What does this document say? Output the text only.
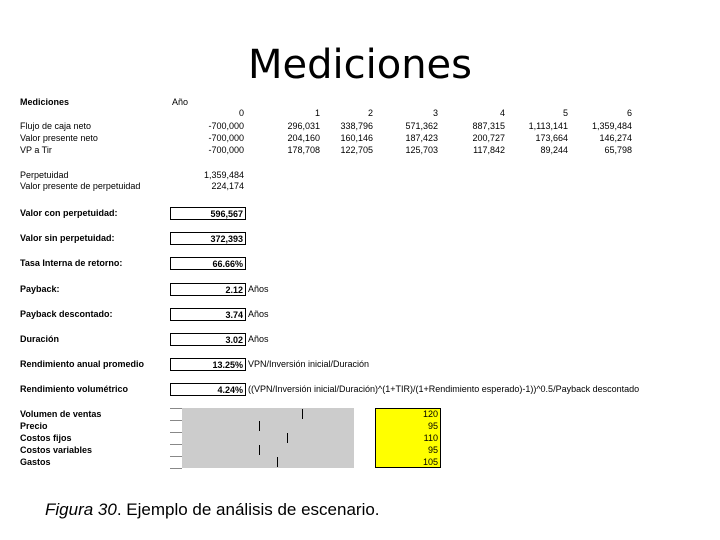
Mediciones
Mediciones	Año
0	1	2	3	4	5	6
Flujo de caja neto	-700,000	296,031	338,796	571,362	887,315	1,113,141	1,359,484
Valor presente neto	-700,000	204,160	160,146	187,423	200,727	173,664	146,274
VP a Tir	-700,000	178,708	122,705	125,703	117,842	89,244	65,798
Perpetuidad	1,359,484
Valor presente de perpetuidad	224,174
Valor con perpetuidad:	596,567
Valor sin perpetuidad:	372,393
Tasa Interna de retorno:	66.66%
Payback:	2.12 Años
Payback descontado:	3.74 Años
Duración	3.02 Años
Rendimiento anual promedio	13.25% VPN/Inversión inicial/Duración
Rendimiento volumétrico	4.24% ((VPN/Inversión inicial/Duración)^(1+TIR)/(1+Rendimiento esperado)-1))^0.5/Payback descontado
Volumen de ventas	120
Precio	95
Costos fijos	110
Costos variables	95
Gastos	105
Figura 30. Ejemplo de análisis de escenario.
